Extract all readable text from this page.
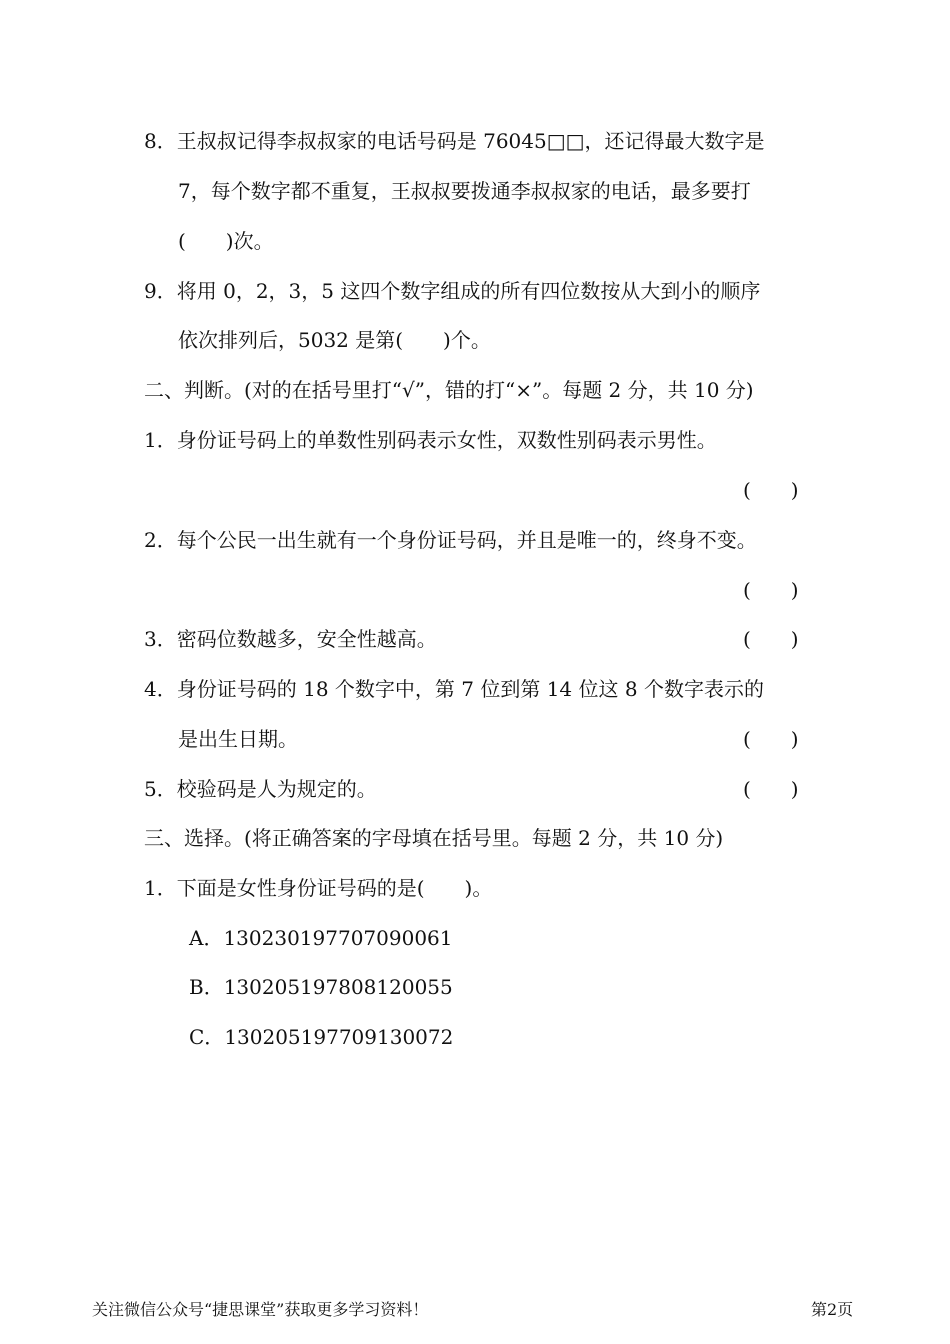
8．王叔叔记得李叔叔家的电话号码是 76045□□，还记得最大数字是
7，每个数字都不重复，王叔叔要拨通李叔叔家的电话，最多要打
(　　)次。
9．将用 0，2，3，5 这四个数字组成的所有四位数按从大到小的顺序
依次排列后，5032 是第(　　)个。
二、判断。(对的在括号里打“√”，错的打“×”。每题 2 分，共 10 分)
1．身份证号码上的单数性别码表示女性，双数性别码表示男性。
(　　)
2．每个公民一出生就有一个身份证号码，并且是唯一的，终身不变。
(　　)
3．密码位数越多，安全性越高。	(　　)
4．身份证号码的 18 个数字中，第 7 位到第 14 位这 8 个数字表示的
是出生日期。	(　　)
5．校验码是人为规定的。	(　　)
三、选择。(将正确答案的字母填在括号里。每题 2 分，共 10 分)
1．下面是女性身份证号码的是(　　)。
A．130230197707090061
B．130205197808120055
C．130205197709130072
关注微信公众号“捷思课堂”获取更多学习资料！	第2页
